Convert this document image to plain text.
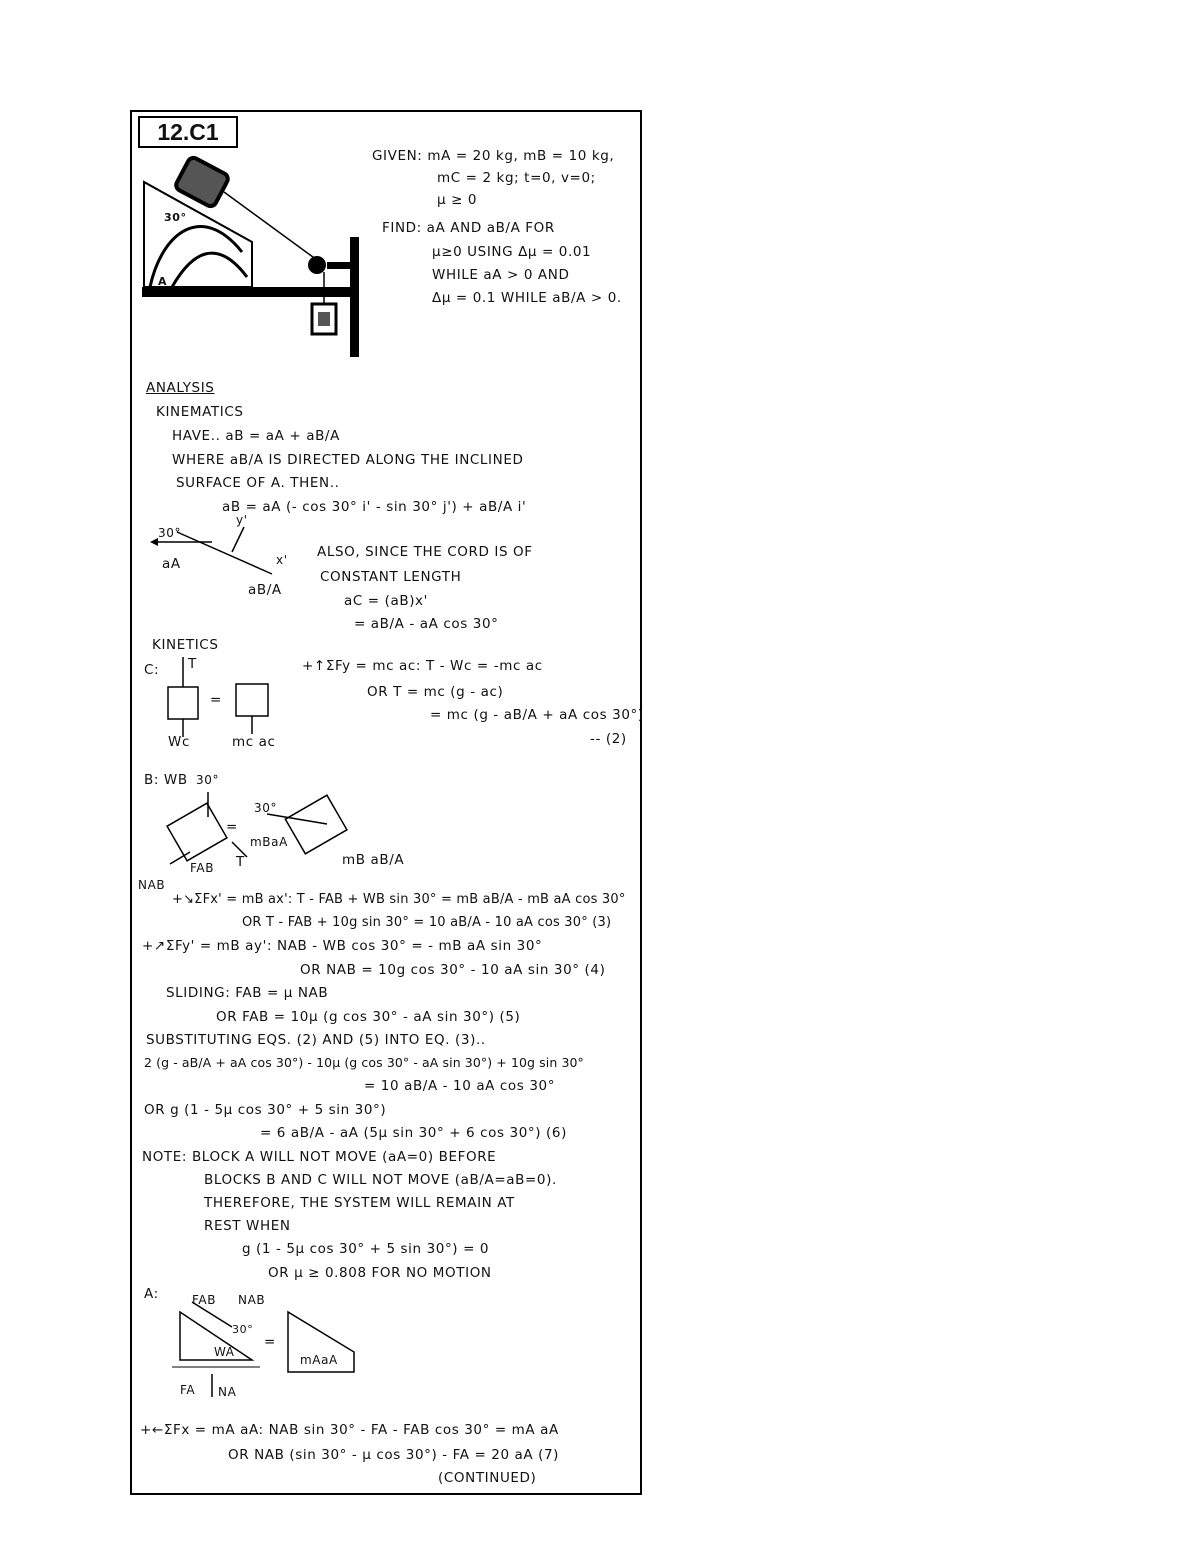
12.C1
30°
A
GIVEN: mA = 20 kg, mB = 10 kg,
mC = 2 kg; t=0, v=0;
μ ≥ 0
FIND: aA AND aB/A FOR
μ≥0 USING Δμ = 0.01
WHILE aA > 0 AND
Δμ = 0.1 WHILE aB/A > 0.
ANALYSIS
KINEMATICS
HAVE.. aB = aA + aB/A
WHERE aB/A IS DIRECTED ALONG THE INCLINED
SURFACE OF A. THEN..
aB = aA (- cos 30° i' - sin 30° j') + aB/A i'
30°
y'
x'
aA
aB/A
ALSO, SINCE THE CORD IS OF
CONSTANT LENGTH
aC = (aB)x'
= aB/A - aA cos 30°
KINETICS
C: T
=
Wc	mc ac
+↑ΣFy = mc ac: T - Wc = -mc ac
OR T = mc (g - ac)
= mc (g - aB/A + aA cos 30°)
-- (2)
B: WB 30°
30°
=
mBaA
FAB T	mB aB/A
NAB
+↘ΣFx' = mB ax': T - FAB + WB sin 30° = mB aB/A - mB aA cos 30°
OR T - FAB + 10g sin 30° = 10 aB/A - 10 aA cos 30° (3)
+↗ΣFy' = mB ay': NAB - WB cos 30° = - mB aA sin 30°
OR NAB = 10g cos 30° - 10 aA sin 30° (4)
SLIDING: FAB = μ NAB
OR FAB = 10μ (g cos 30° - aA sin 30°) (5)
SUBSTITUTING EQS. (2) AND (5) INTO EQ. (3)..
2 (g - aB/A + aA cos 30°) - 10μ (g cos 30° - aA sin 30°) + 10g sin 30°
= 10 aB/A - 10 aA cos 30°
OR g (1 - 5μ cos 30° + 5 sin 30°)
= 6 aB/A - aA (5μ sin 30° + 6 cos 30°) (6)
NOTE: BLOCK A WILL NOT MOVE (aA=0) BEFORE
BLOCKS B AND C WILL NOT MOVE (aB/A=aB=0).
THEREFORE, THE SYSTEM WILL REMAIN AT
REST WHEN
g (1 - 5μ cos 30° + 5 sin 30°) = 0
OR μ ≥ 0.808 FOR NO MOTION
A:	FAB NAB
30°
WA
=
mAaA
FA NA
+←ΣFx = mA aA: NAB sin 30° - FA - FAB cos 30° = mA aA
OR NAB (sin 30° - μ cos 30°) - FA = 20 aA (7)
(CONTINUED)
